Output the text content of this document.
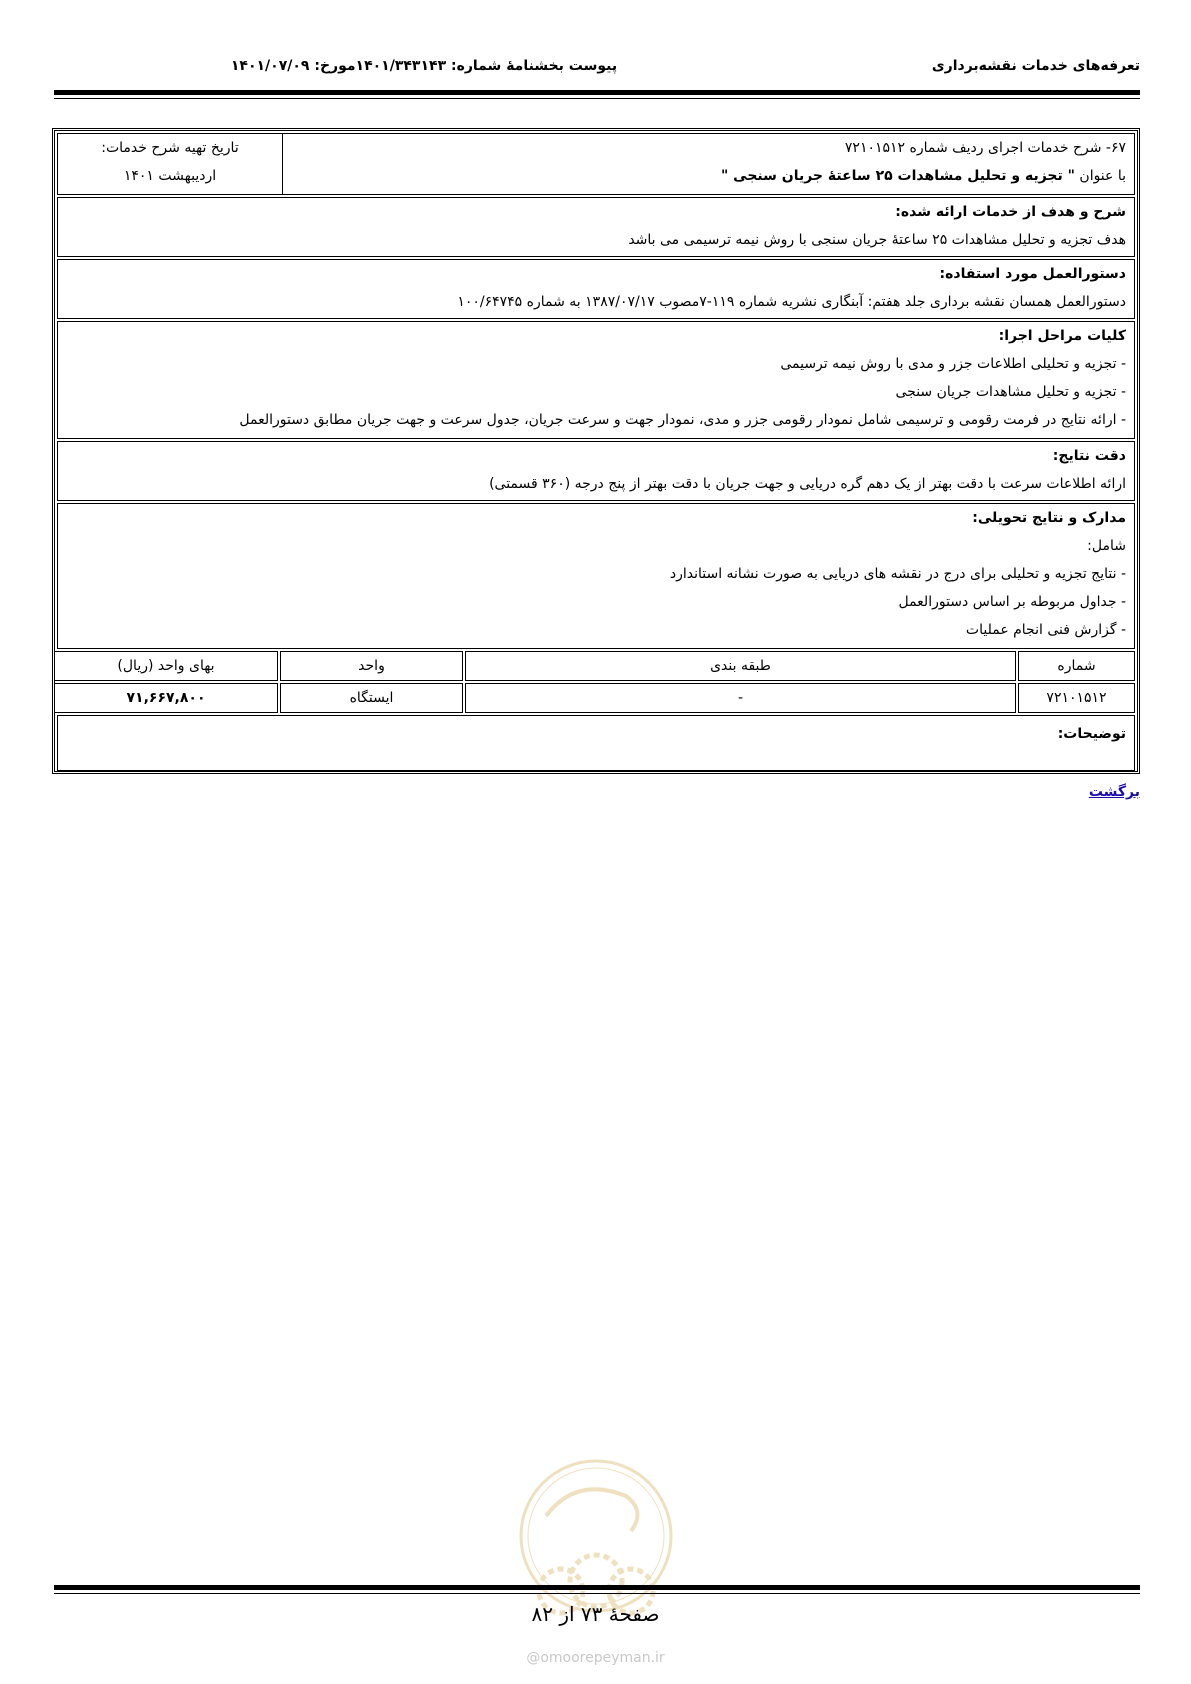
تعرفه‌های خدمات نقشه‌برداری
پیوست بخشنامهٔ شماره: ۱۴۰۱/۳۴۳۱۴۳مورخ: ۱۴۰۱/۰۷/۰۹
تاریخ تهیه شرح خدمات:
اردیبهشت ۱۴۰۱
۶۷- شرح خدمات اجرای ردیف شماره ۷۲۱۰۱۵۱۲
با عنوان " تجزیه و تحلیل مشاهدات ۲۵ ساعتهٔ جریان سنجی "
شرح و هدف از خدمات ارائه شده:
هدف تجزیه و تحلیل مشاهدات ۲۵ ساعتهٔ جریان سنجی با روش نیمه ترسیمی می باشد
دستورالعمل مورد استفاده:
دستورالعمل همسان نقشه برداری جلد هفتم: آبنگاری نشریه شماره ۱۱۹-۷مصوب ۱۳۸۷/۰۷/۱۷ به شماره ۱۰۰/۶۴۷۴۵
کلیات مراحل اجرا:
- تجزیه و تحلیلی اطلاعات جزر و مدی با روش نیمه ترسیمی
- تجزیه و تحلیل مشاهدات جریان سنجی
- ارائه نتایج در فرمت رقومی و ترسیمی شامل نمودار رقومی جزر و مدی، نمودار جهت و سرعت جریان، جدول سرعت و جهت جریان مطابق دستورالعمل
دقت نتایج:
ارائه اطلاعات سرعت با دقت بهتر از یک دهم گره دریایی و جهت جریان با دقت بهتر از پنج درجه (۳۶۰ قسمتی)
مدارک و نتایج تحویلی:
شامل:
- نتایج تجزیه و تحلیلی برای درج در نقشه های دریایی به صورت نشانه استاندارد
- جداول مربوطه بر اساس دستورالعمل
- گزارش فنی انجام عملیات
شماره
طبقه بندی
واحد
بهای واحد (ریال)
۷۲۱۰۱۵۱۲
-
ایستگاه
۷۱,۶۶۷,۸۰۰
توضیحات:
برگشت
صفحهٔ ۷۳ از ۸۲
@omoorepeyman.ir
